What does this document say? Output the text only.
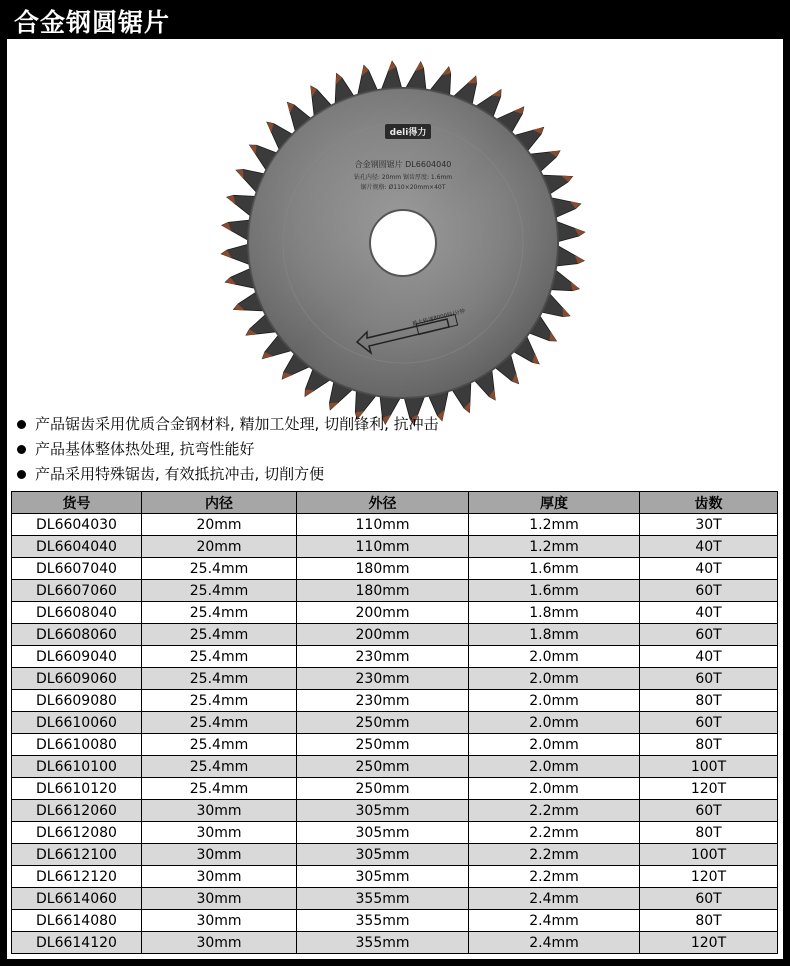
合金钢圆锯片
deli得力
合金钢圆锯片 DL6604040
钻孔内径: 20mm 锯齿厚度: 1.6mm
锯片规格: Ø110×20mm×40T
最大转速8000转/分钟
产品锯齿采用优质合金钢材料, 精加工处理, 切削锋利, 抗冲击
产品基体整体热处理, 抗弯性能好
产品采用特殊锯齿, 有效抵抗冲击, 切削方便
货号	内径	外径	厚度	齿数
DL6604030	20mm	110mm	1.2mm	30T
DL6604040	20mm	110mm	1.2mm	40T
DL6607040	25.4mm	180mm	1.6mm	40T
DL6607060	25.4mm	180mm	1.6mm	60T
DL6608040	25.4mm	200mm	1.8mm	40T
DL6608060	25.4mm	200mm	1.8mm	60T
DL6609040	25.4mm	230mm	2.0mm	40T
DL6609060	25.4mm	230mm	2.0mm	60T
DL6609080	25.4mm	230mm	2.0mm	80T
DL6610060	25.4mm	250mm	2.0mm	60T
DL6610080	25.4mm	250mm	2.0mm	80T
DL6610100	25.4mm	250mm	2.0mm	100T
DL6610120	25.4mm	250mm	2.0mm	120T
DL6612060	30mm	305mm	2.2mm	60T
DL6612080	30mm	305mm	2.2mm	80T
DL6612100	30mm	305mm	2.2mm	100T
DL6612120	30mm	305mm	2.2mm	120T
DL6614060	30mm	355mm	2.4mm	60T
DL6614080	30mm	355mm	2.4mm	80T
DL6614120	30mm	355mm	2.4mm	120T
